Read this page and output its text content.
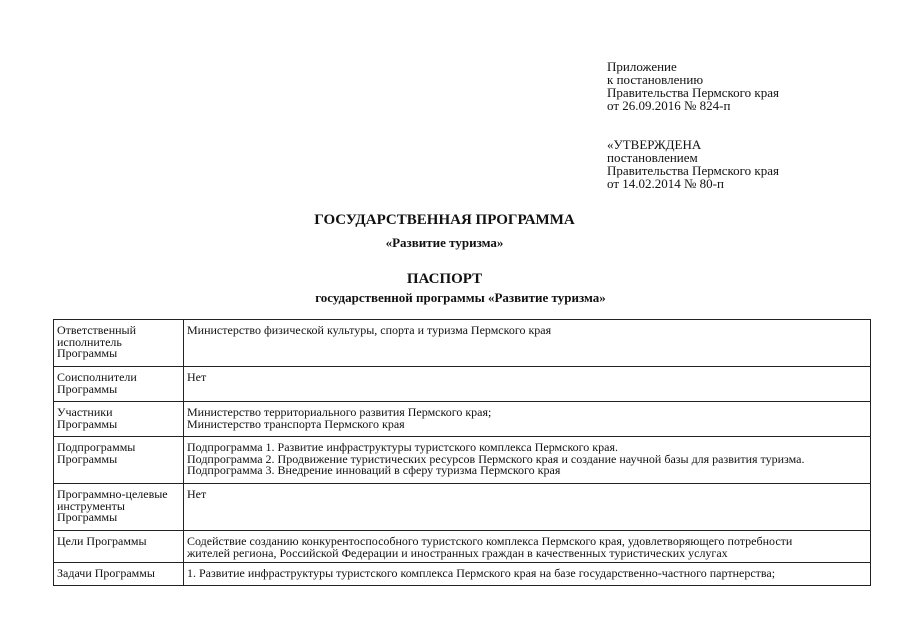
Приложение
к постановлению
Правительства Пермского края
от 26.09.2016 № 824-п
«УТВЕРЖДЕНА
постановлением
Правительства Пермского края
от 14.02.2014 № 80-п
ГОСУДАРСТВЕННАЯ ПРОГРАММА
«Развитие туризма»
ПАСПОРТ
государственной программы «Развитие туризма»
Ответственный
исполнитель
Программы	Министерство физической культуры, спорта и туризма Пермского края

Соисполнители
Программы	Нет

Участники
Программы	Министерство территориального развития Пермского края;
Министерство транспорта Пермского края

Подпрограммы
Программы	Подпрограмма 1. Развитие инфраструктуры туристского комплекса Пермского края.
Подпрограмма 2. Продвижение туристических ресурсов Пермского края и создание научной базы для развития туризма.
Подпрограмма 3. Внедрение инноваций в сферу туризма Пермского края

Программно-целевые
инструменты
Программы	Нет

Цели Программы	Содействие созданию конкурентоспособного туристского комплекса Пермского края, удовлетворяющего потребности
жителей региона, Российской Федерации и иностранных граждан в качественных туристических услугах

Задачи Программы	1. Развитие инфраструктуры туристского комплекса Пермского края на базе государственно-частного партнерства;
